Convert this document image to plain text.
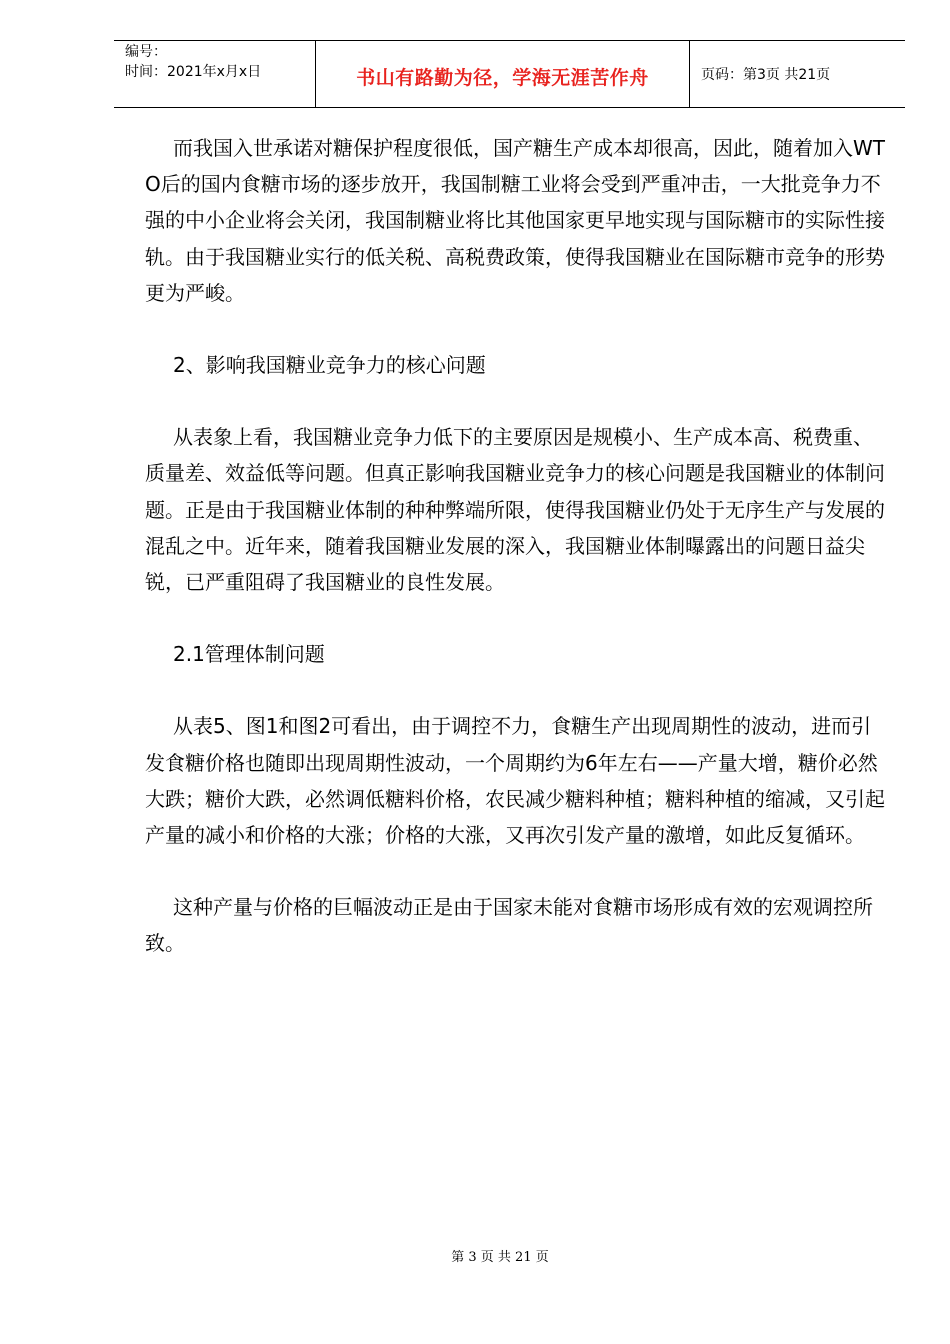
编号：
时间：2021年x月x日	书山有路勤为径，学海无涯苦作舟	页码：第3页 共21页

而我国入世承诺对糖保护程度很低，国产糖生产成本却很高，因此，随着加入WTO后的国内食糖市场的逐步放开，我国制糖工业将会受到严重冲击，一大批竞争力不强的中小企业将会关闭，我国制糖业将比其他国家更早地实现与国际糖市的实际性接轨。由于我国糖业实行的低关税、高税费政策，使得我国糖业在国际糖市竞争的形势更为严峻。

2、影响我国糖业竞争力的核心问题

从表象上看，我国糖业竞争力低下的主要原因是规模小、生产成本高、税费重、质量差、效益低等问题。但真正影响我国糖业竞争力的核心问题是我国糖业的体制问题。正是由于我国糖业体制的种种弊端所限，使得我国糖业仍处于无序生产与发展的混乱之中。近年来，随着我国糖业发展的深入，我国糖业体制曝露出的问题日益尖锐，已严重阻碍了我国糖业的良性发展。

2.1管理体制问题

从表5、图1和图2可看出，由于调控不力，食糖生产出现周期性的波动，进而引发食糖价格也随即出现周期性波动，一个周期约为6年左右——产量大增，糖价必然大跌；糖价大跌，必然调低糖料价格，农民减少糖料种植；糖料种植的缩减，又引起产量的减小和价格的大涨；价格的大涨，又再次引发产量的激增，如此反复循环。

这种产量与价格的巨幅波动正是由于国家未能对食糖市场形成有效的宏观调控所致。

第 3 页 共 21 页
